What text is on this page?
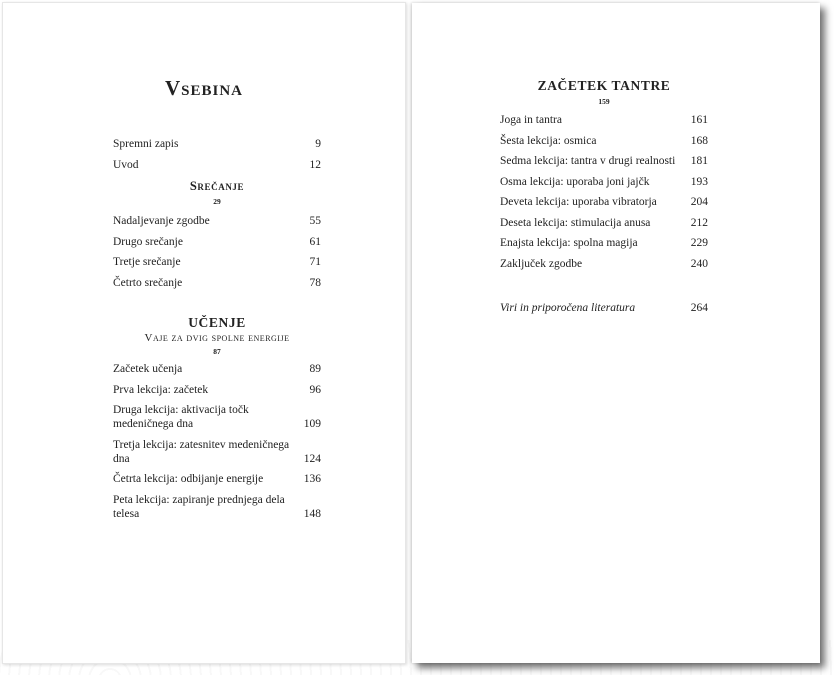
Vsebina
Spremni zapis	9
Uvod	12
Srečanje
29
Nadaljevanje zgodbe	55
Drugo srečanje	61
Tretje srečanje	71
Četrto srečanje	78
UČENJE
Vaje za dvig spolne energije
87
Začetek učenja	89
Prva lekcija: začetek	96
Druga lekcija: aktivacija točk medeničnega dna	109
Tretja lekcija: zatesnitev medeničnega dna	124
Četrta lekcija: odbijanje energije	136
Peta lekcija: zapiranje prednjega dela telesa	148
ZAČETEK TANTRE
159
Joga in tantra	161
Šesta lekcija: osmica	168
Sedma lekcija: tantra v drugi realnosti	181
Osma lekcija: uporaba joni jajčk	193
Deveta lekcija: uporaba vibratorja	204
Deseta lekcija: stimulacija anusa	212
Enajsta lekcija: spolna magija	229
Zaključek zgodbe	240
Viri in priporočena literatura	264
